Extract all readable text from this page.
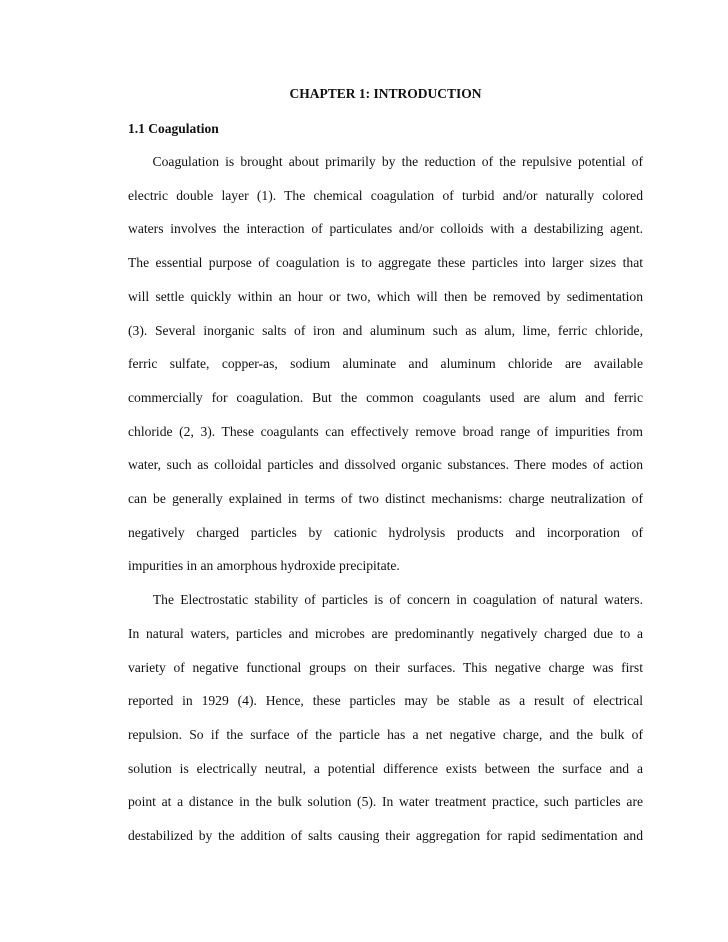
CHAPTER 1: INTRODUCTION
1.1 Coagulation

Coagulation is brought about primarily by the reduction of the repulsive potential of
electric double layer (1). The chemical coagulation of turbid and/or naturally colored
waters involves the interaction of particulates and/or colloids with a destabilizing agent.
The essential purpose of coagulation is to aggregate these particles into larger sizes that
will settle quickly within an hour or two, which will then be removed by sedimentation
(3). Several inorganic salts of iron and aluminum such as alum, lime, ferric chloride,
ferric sulfate, copper-as, sodium aluminate and aluminum chloride are available
commercially for coagulation. But the common coagulants used are alum and ferric
chloride (2, 3). These coagulants can effectively remove broad range of impurities from
water, such as colloidal particles and dissolved organic substances. There modes of action
can be generally explained in terms of two distinct mechanisms: charge neutralization of
negatively charged particles by cationic hydrolysis products and incorporation of
impurities in an amorphous hydroxide precipitate.

The Electrostatic stability of particles is of concern in coagulation of natural waters.
In natural waters, particles and microbes are predominantly negatively charged due to a
variety of negative functional groups on their surfaces. This negative charge was first
reported in 1929 (4). Hence, these particles may be stable as a result of electrical
repulsion. So if the surface of the particle has a net negative charge, and the bulk of
solution is electrically neutral, a potential difference exists between the surface and a
point at a distance in the bulk solution (5). In water treatment practice, such particles are
destabilized by the addition of salts causing their aggregation for rapid sedimentation and
